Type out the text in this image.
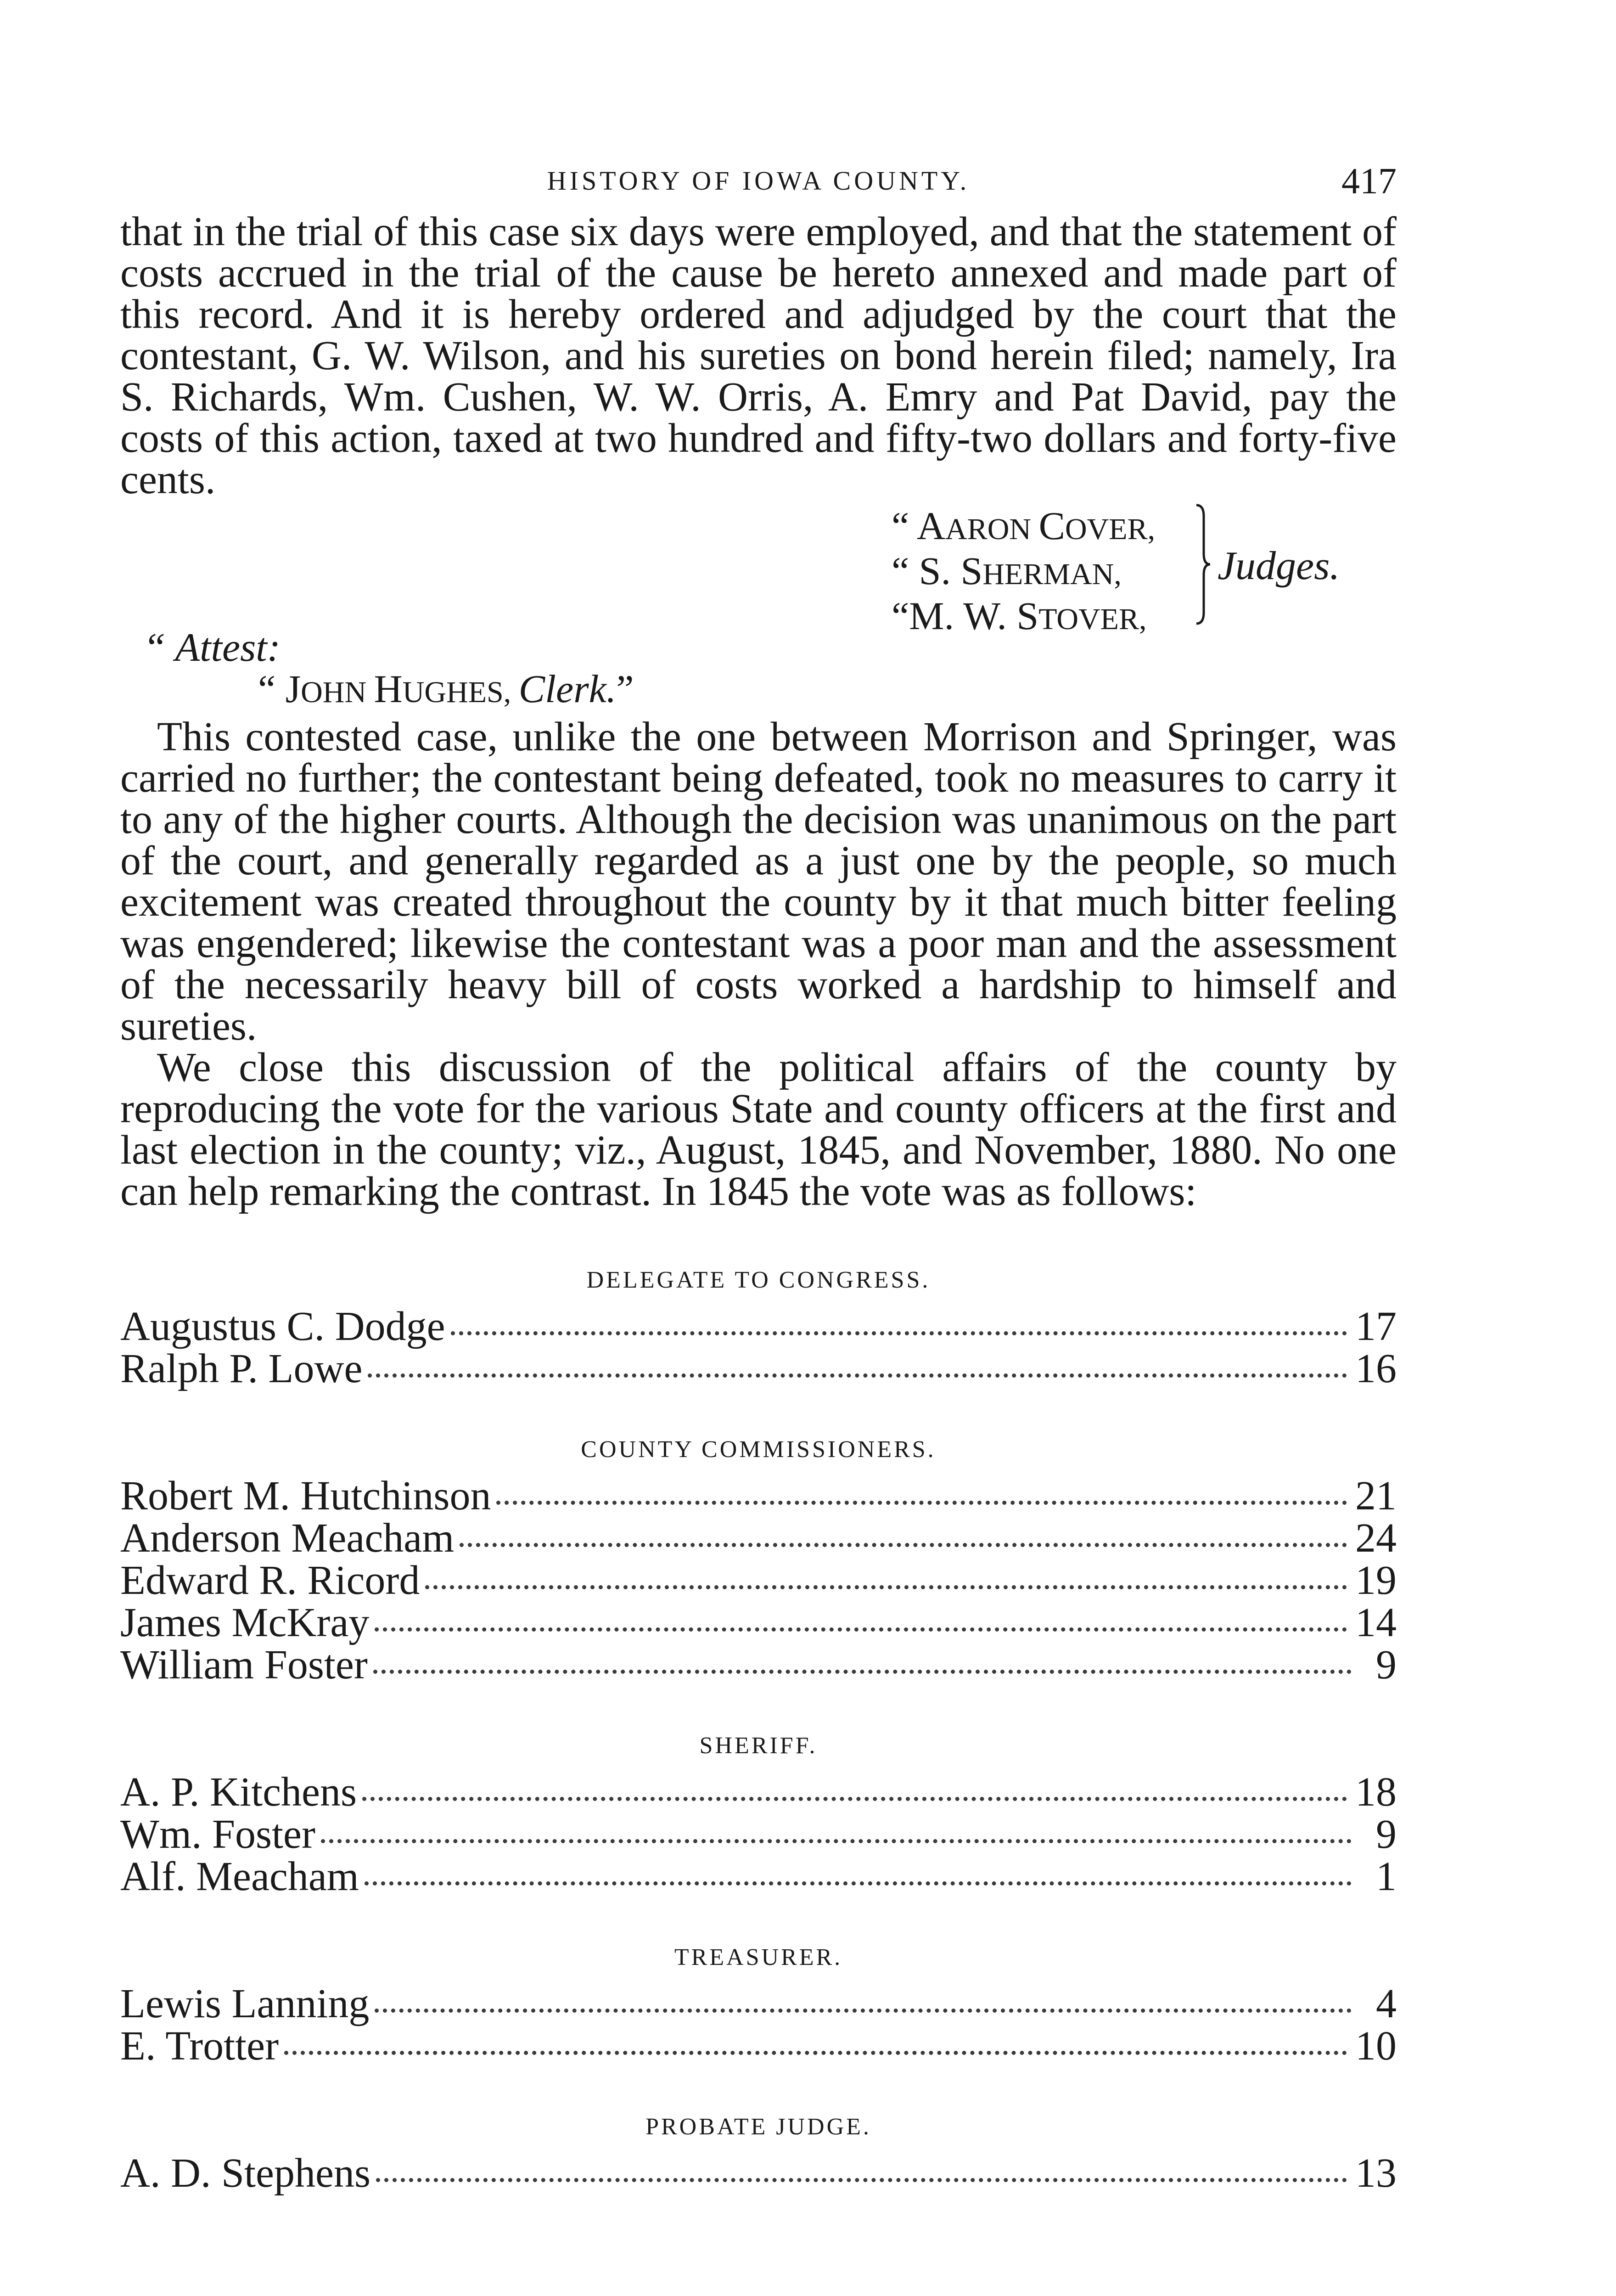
HISTORY OF IOWA COUNTY.	417

that in the trial of this case six days were employed, and that the statement of costs accrued in the trial of the cause be hereto annexed and made part of this record. And it is hereby ordered and adjudged by the court that the contestant, G. W. Wilson, and his sureties on bond herein filed; namely, Ira S. Richards, Wm. Cushen, W. W. Orris, A. Emry and Pat David, pay the costs of this action, taxed at two hundred and fifty-two dollars and forty-five cents.

“ AARON COVER,
“ S. SHERMAN,
“M. W. STOVER,
Judges.
“ Attest:
“ JOHN HUGHES, Clerk.”

This contested case, unlike the one between Morrison and Springer, was carried no further; the contestant being defeated, took no measures to carry it to any of the higher courts. Although the decision was unanimous on the part of the court, and generally regarded as a just one by the people, so much excitement was created throughout the county by it that much bitter feeling was engendered; likewise the contestant was a poor man and the assessment of the necessarily heavy bill of costs worked a hardship to himself and sureties.

We close this discussion of the political affairs of the county by reproducing the vote for the various State and county officers at the first and last election in the county; viz., August, 1845, and November, 1880. No one can help remarking the contrast. In 1845 the vote was as follows:

DELEGATE TO CONGRESS.
Augustus C. Dodge	17
Ralph P. Lowe	16
COUNTY COMMISSIONERS.
Robert M. Hutchinson	21
Anderson Meacham	24
Edward R. Ricord	19
James McKray	14
William Foster	9
SHERIFF.
A. P. Kitchens	18
Wm. Foster	9
Alf. Meacham	1
TREASURER.
Lewis Lanning	4
E. Trotter	10
PROBATE JUDGE.
A. D. Stephens	13
